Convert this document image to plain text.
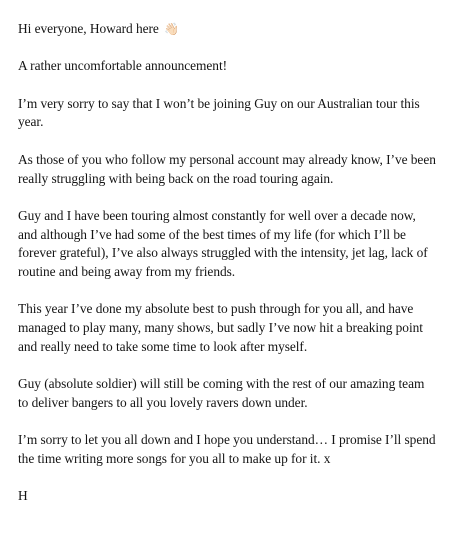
Hi everyone, Howard here 👋🏻

A rather uncomfortable announcement!

I’m very sorry to say that I won’t be joining Guy on our Australian tour this year.

As those of you who follow my personal account may already know, I’ve been really struggling with being back on the road touring again.

Guy and I have been touring almost constantly for well over a decade now, and although I’ve had some of the best times of my life (for which I’ll be forever grateful), I’ve also always struggled with the intensity, jet lag, lack of routine and being away from my friends.

This year I’ve done my absolute best to push through for you all, and have managed to play many, many shows, but sadly I’ve now hit a breaking point and really need to take some time to look after myself.

Guy (absolute soldier) will still be coming with the rest of our amazing team to deliver bangers to all you lovely ravers down under.

I’m sorry to let you all down and I hope you understand… I promise I’ll spend the time writing more songs for you all to make up for it. x

H
